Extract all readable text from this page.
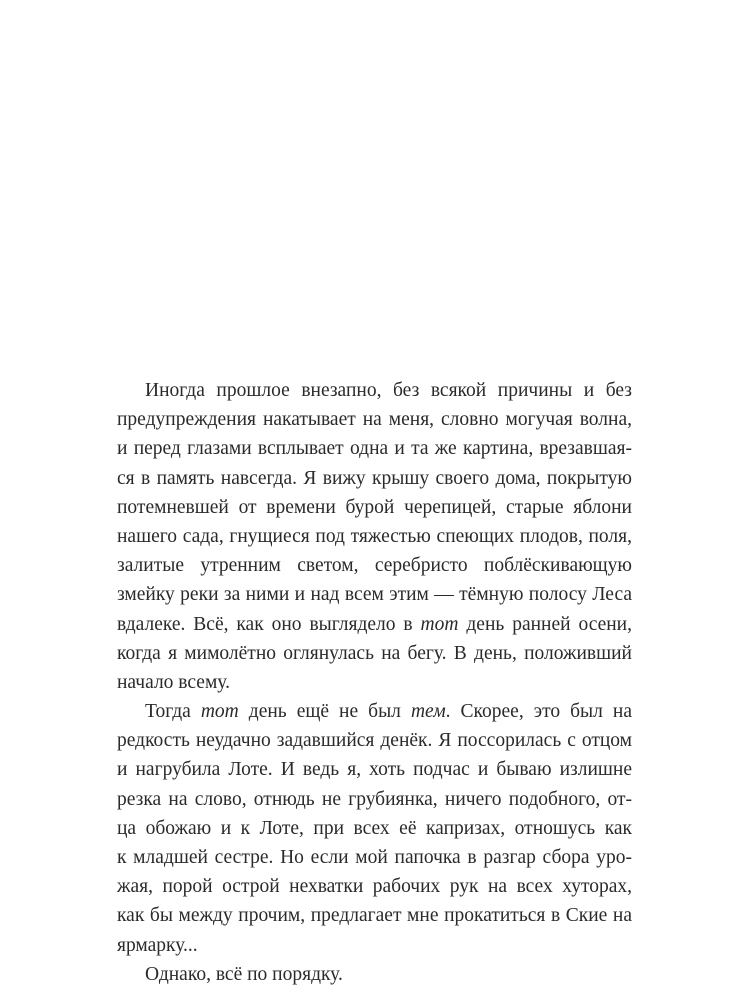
Иногда прошлое внезапно, без всякой причины и без
предупреждения накатывает на меня, словно могучая волна,
и перед глазами всплывает одна и та же картина, врезавшая-
ся в память навсегда. Я вижу крышу своего дома, покрытую
потемневшей от времени бурой черепицей, старые яблони
нашего сада, гнущиеся под тяжестью спеющих плодов, поля,
залитые утренним светом, серебристо поблёскивающую
змейку реки за ними и над всем этим — тёмную полосу Леса
вдалеке. Всё, как оно выглядело в тот день ранней осени,
когда я мимолётно оглянулась на бегу. В день, положивший
начало всему.
Тогда тот день ещё не был тем. Скорее, это был на
редкость неудачно задавшийся денёк. Я поссорилась с отцом
и нагрубила Лоте. И ведь я, хоть подчас и бываю излишне
резка на слово, отнюдь не грубиянка, ничего подобного, от-
ца обожаю и к Лоте, при всех её капризах, отношусь как
к младшей сестре. Но если мой папочка в разгар сбора уро-
жая, порой острой нехватки рабочих рук на всех хуторах,
как бы между прочим, предлагает мне прокатиться в Ские на
ярмарку...
Однако, всё по порядку.
